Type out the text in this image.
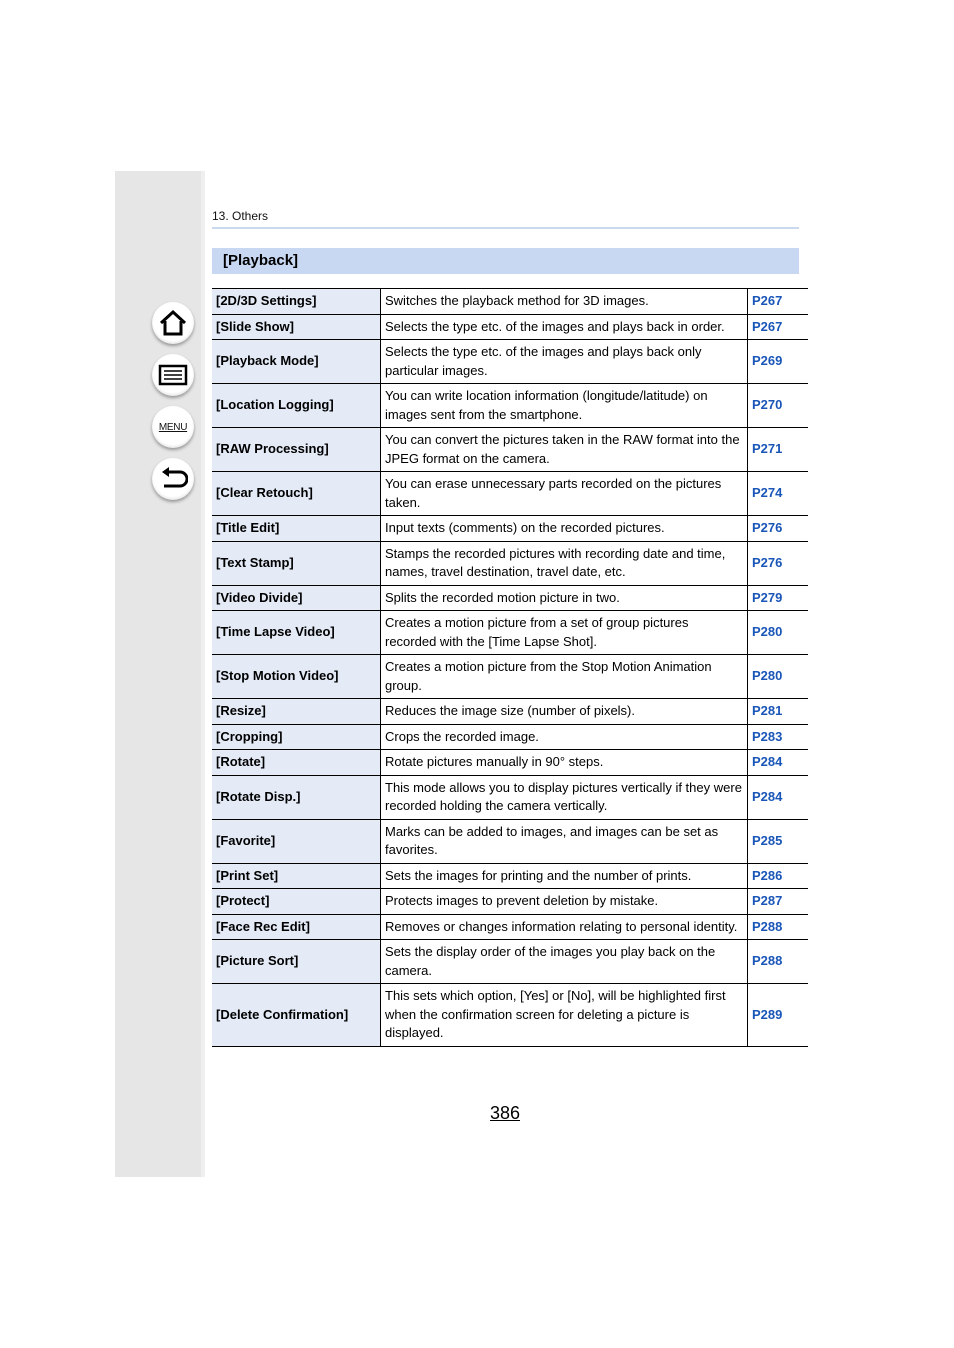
MENU
13. Others
[Playback]
[2D/3D Settings]	Switches the playback method for 3D images.	P267
[Slide Show]	Selects the type etc. of the images and plays back in order.	P267
[Playback Mode]	Selects the type etc. of the images and plays back only particular images.	P269
[Location Logging]	You can write location information (longitude/latitude) on images sent from the smartphone.	P270
[RAW Processing]	You can convert the pictures taken in the RAW format into the JPEG format on the camera.	P271
[Clear Retouch]	You can erase unnecessary parts recorded on the pictures taken.	P274
[Title Edit]	Input texts (comments) on the recorded pictures.	P276
[Text Stamp]	Stamps the recorded pictures with recording date and time, names, travel destination, travel date, etc.	P276
[Video Divide]	Splits the recorded motion picture in two.	P279
[Time Lapse Video]	Creates a motion picture from a set of group pictures recorded with the [Time Lapse Shot].	P280
[Stop Motion Video]	Creates a motion picture from the Stop Motion Animation group.	P280
[Resize]	Reduces the image size (number of pixels).	P281
[Cropping]	Crops the recorded image.	P283
[Rotate]	Rotate pictures manually in 90° steps.	P284
[Rotate Disp.]	This mode allows you to display pictures vertically if they were recorded holding the camera vertically.	P284
[Favorite]	Marks can be added to images, and images can be set as favorites.	P285
[Print Set]	Sets the images for printing and the number of prints.	P286
[Protect]	Protects images to prevent deletion by mistake.	P287
[Face Rec Edit]	Removes or changes information relating to personal identity.	P288
[Picture Sort]	Sets the display order of the images you play back on the camera.	P288
[Delete Confirmation]	This sets which option, [Yes] or [No], will be highlighted first when the confirmation screen for deleting a picture is displayed.	P289
386
